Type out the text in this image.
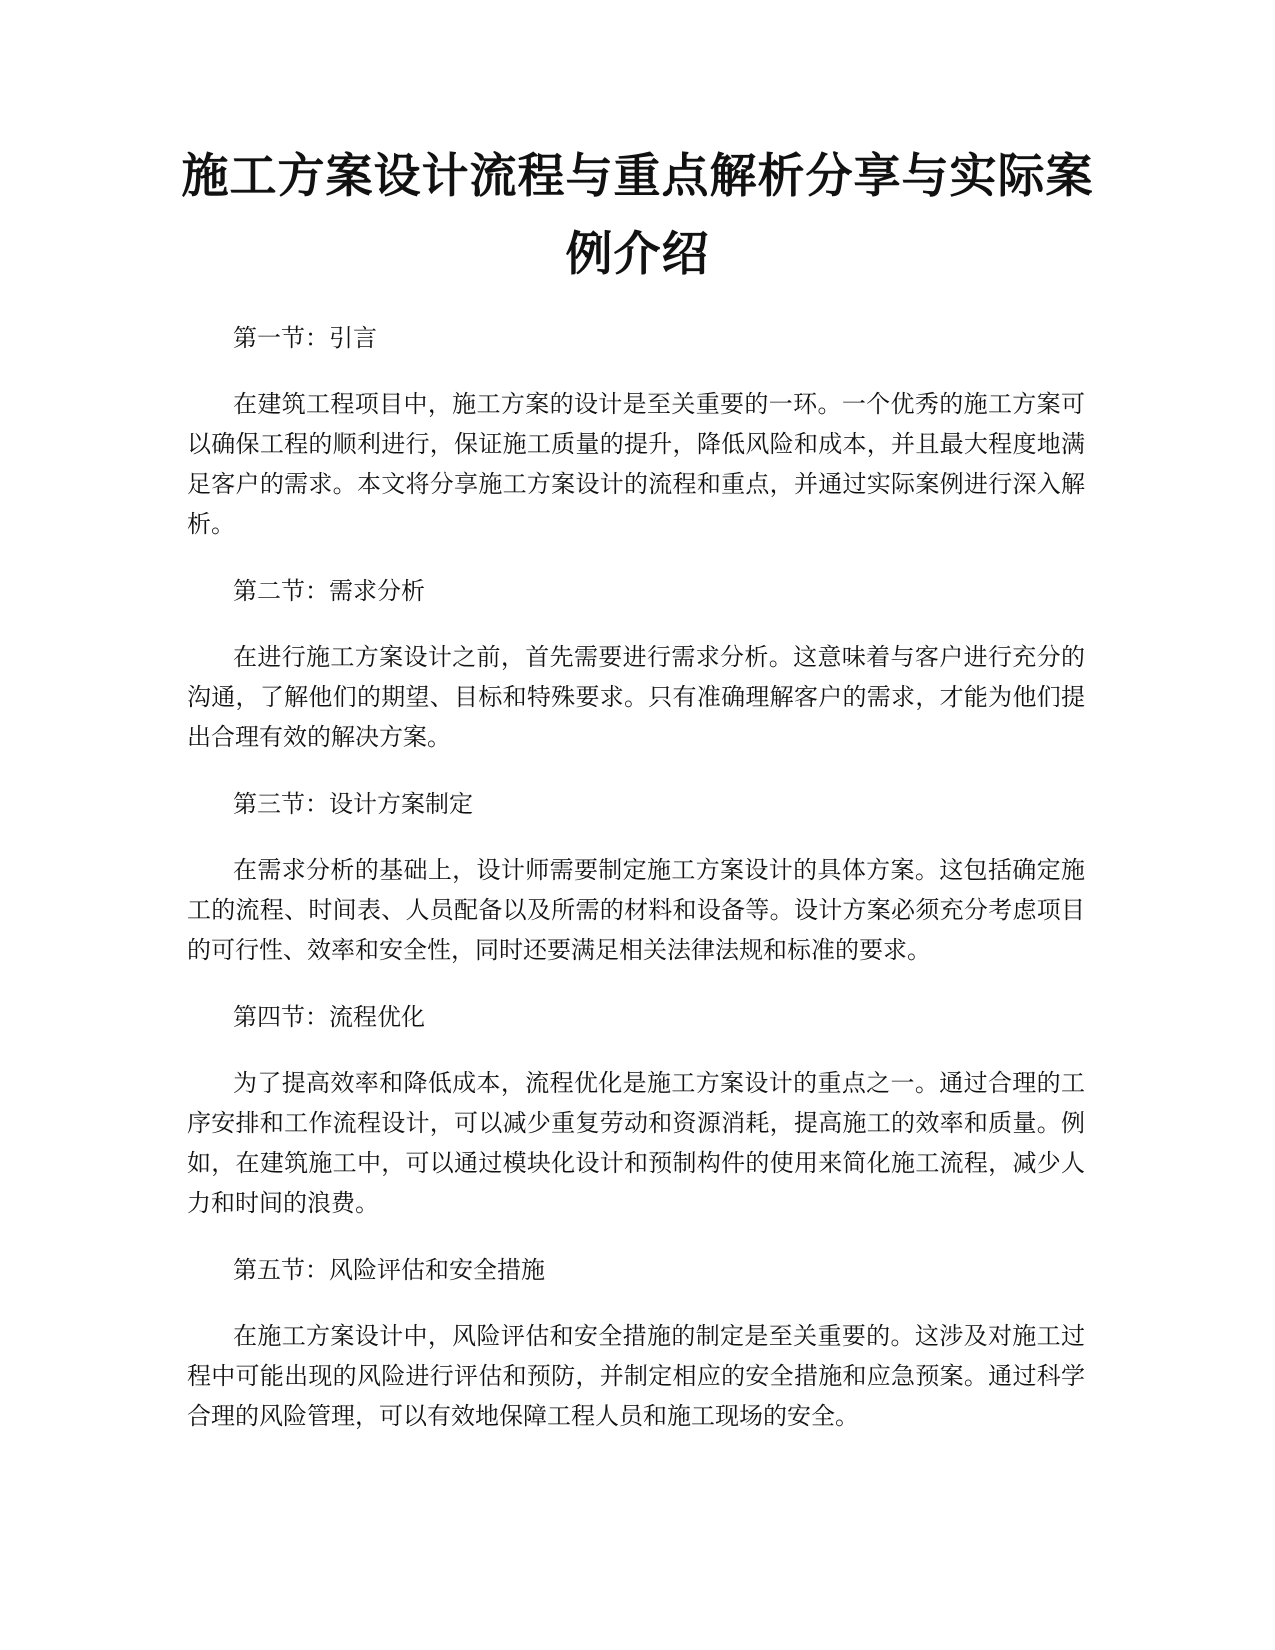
施工方案设计流程与重点解析分享与实际案例介绍

第一节：引言

在建筑工程项目中，施工方案的设计是至关重要的一环。一个优秀的施工方案可以确保工程的顺利进行，保证施工质量的提升，降低风险和成本，并且最大程度地满足客户的需求。本文将分享施工方案设计的流程和重点，并通过实际案例进行深入解析。

第二节：需求分析

在进行施工方案设计之前，首先需要进行需求分析。这意味着与客户进行充分的沟通，了解他们的期望、目标和特殊要求。只有准确理解客户的需求，才能为他们提出合理有效的解决方案。

第三节：设计方案制定

在需求分析的基础上，设计师需要制定施工方案设计的具体方案。这包括确定施工的流程、时间表、人员配备以及所需的材料和设备等。设计方案必须充分考虑项目的可行性、效率和安全性，同时还要满足相关法律法规和标准的要求。

第四节：流程优化

为了提高效率和降低成本，流程优化是施工方案设计的重点之一。通过合理的工序安排和工作流程设计，可以减少重复劳动和资源消耗，提高施工的效率和质量。例如，在建筑施工中，可以通过模块化设计和预制构件的使用来简化施工流程，减少人力和时间的浪费。

第五节：风险评估和安全措施

在施工方案设计中，风险评估和安全措施的制定是至关重要的。这涉及对施工过程中可能出现的风险进行评估和预防，并制定相应的安全措施和应急预案。通过科学合理的风险管理，可以有效地保障工程人员和施工现场的安全。
